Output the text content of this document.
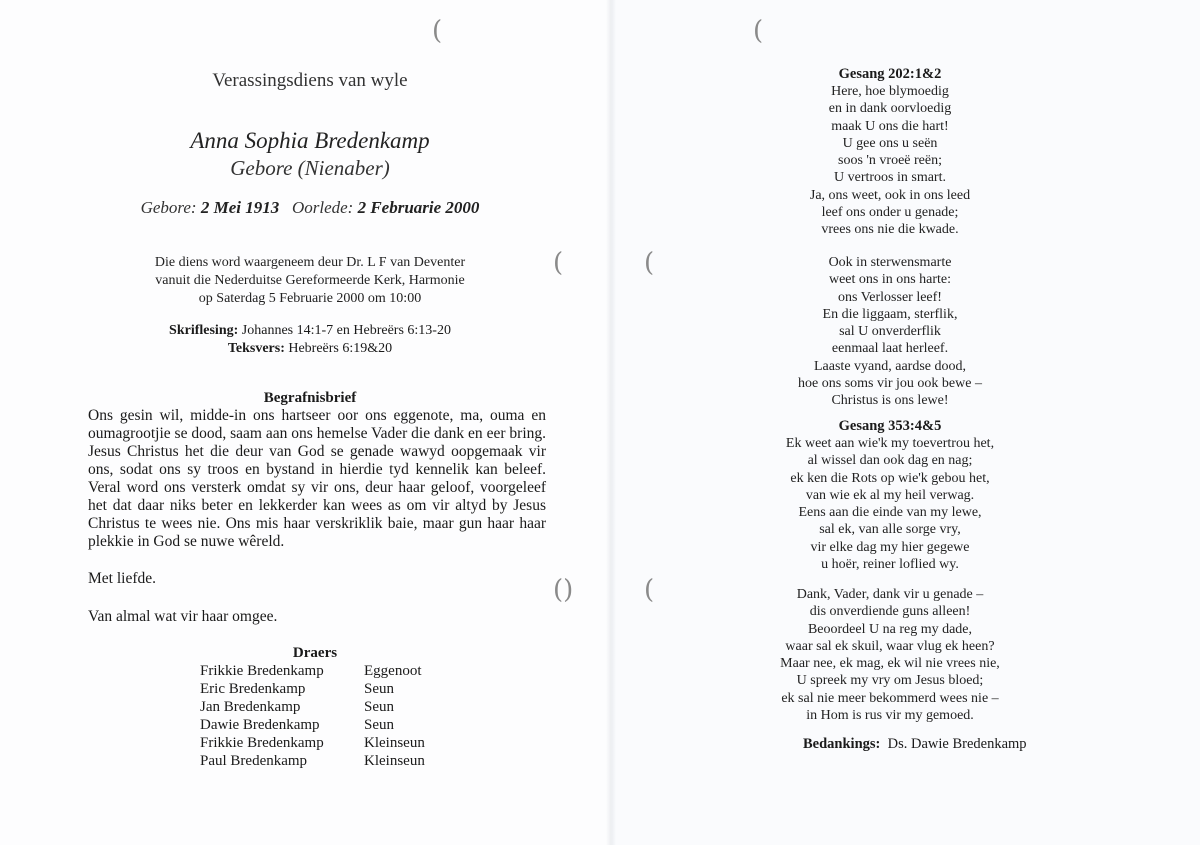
(
(
()
(
(
(
Verassingsdiens van wyle
Anna Sophia Bredenkamp
Gebore (Nienaber)
Gebore: 2 Mei 1913 Oorlede: 2 Februarie 2000
Die diens word waargeneem deur Dr. L F van Deventer
vanuit die Nederduitse Gereformeerde Kerk, Harmonie
op Saterdag 5 Februarie 2000 om 10:00
Skriflesing: Johannes 14:1-7 en Hebreërs 6:13-20
Teksvers: Hebreërs 6:19&20
Begrafnisbrief
Ons gesin wil, midde-in ons hartseer oor ons eggenote, ma, ouma en oumagrootjie se dood, saam aan ons hemelse Vader die dank en eer bring. Jesus Christus het die deur van God se genade wawyd oopgemaak vir ons, sodat ons sy troos en bystand in hierdie tyd kennelik kan beleef. Veral word ons versterk omdat sy vir ons, deur haar geloof, voorgeleef het dat daar niks beter en lekkerder kan wees as om vir altyd by Jesus Christus te wees nie. Ons mis haar verskriklik baie, maar gun haar haar plekkie in God se nuwe wêreld.
Met liefde.
Van almal wat vir haar omgee.
Draers
Frikkie Bredenkamp	Eggenoot
Eric Bredenkamp	Seun
Jan Bredenkamp	Seun
Dawie Bredenkamp	Seun
Frikkie Bredenkamp	Kleinseun
Paul Bredenkamp	Kleinseun
Gesang 202:1&2
Here, hoe blymoedig
en in dank oorvloedig
maak U ons die hart!
U gee ons u seën
soos 'n vroeë reën;
U vertroos in smart.
Ja, ons weet, ook in ons leed
leef ons onder u genade;
vrees ons nie die kwade.
Ook in sterwensmarte
weet ons in ons harte:
ons Verlosser leef!
En die liggaam, sterflik,
sal U onverderflik
eenmaal laat herleef.
Laaste vyand, aardse dood,
hoe ons soms vir jou ook bewe –
Christus is ons lewe!
Gesang 353:4&5
Ek weet aan wie'k my toevertrou het,
al wissel dan ook dag en nag;
ek ken die Rots op wie'k gebou het,
van wie ek al my heil verwag.
Eens aan die einde van my lewe,
sal ek, van alle sorge vry,
vir elke dag my hier gegewe
u hoër, reiner loflied wy.
Dank, Vader, dank vir u genade –
dis onverdiende guns alleen!
Beoordeel U na reg my dade,
waar sal ek skuil, waar vlug ek heen?
Maar nee, ek mag, ek wil nie vrees nie,
U spreek my vry om Jesus bloed;
ek sal nie meer bekommerd wees nie –
in Hom is rus vir my gemoed.
Bedankings: Ds. Dawie Bredenkamp
